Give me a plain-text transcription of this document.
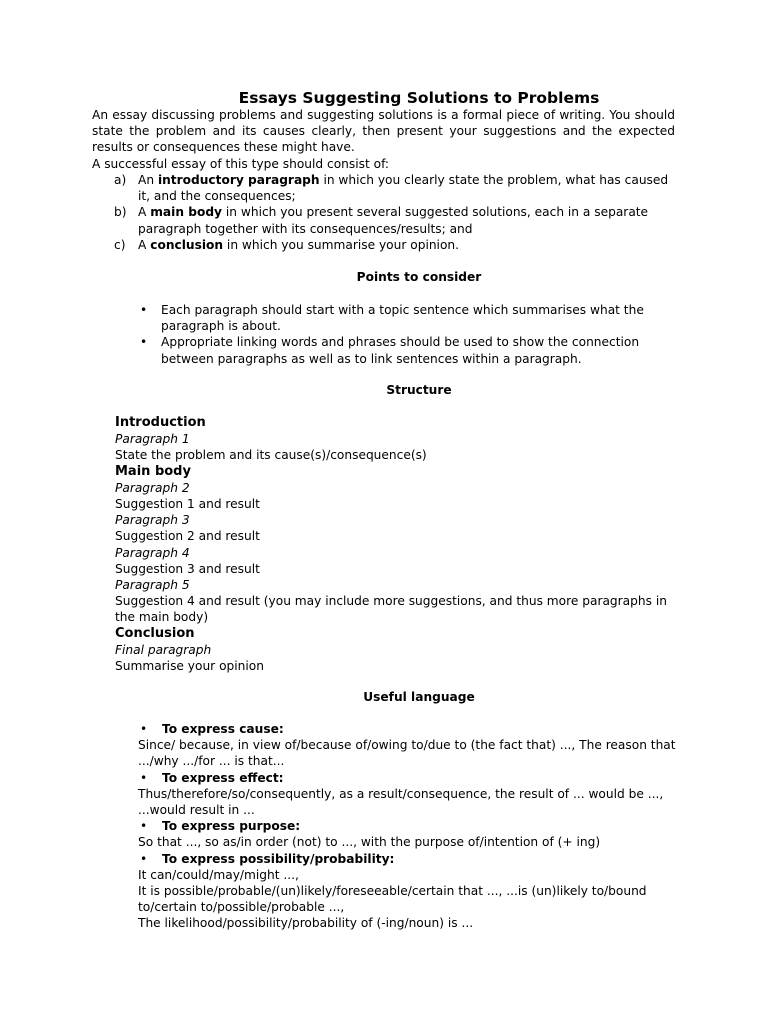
Essays Suggesting Solutions to Problems
An essay discussing problems and suggesting solutions is a formal piece of writing. You should state the problem and its causes clearly, then present your suggestions and the expected results or consequences these might have.
A successful essay of this type should consist of:
a) An introductory paragraph in which you clearly state the problem, what has caused it, and the consequences;
b) A main body in which you present several suggested solutions, each in a separate paragraph together with its consequences/results; and
c) A conclusion in which you summarise your opinion.
Points to consider
• Each paragraph should start with a topic sentence which summarises what the paragraph is about.
• Appropriate linking words and phrases should be used to show the connection between paragraphs as well as to link sentences within a paragraph.
Structure
Introduction
Paragraph 1
State the problem and its cause(s)/consequence(s)
Main body
Paragraph 2
Suggestion 1 and result
Paragraph 3
Suggestion 2 and result
Paragraph 4
Suggestion 3 and result
Paragraph 5
Suggestion 4 and result (you may include more suggestions, and thus more paragraphs in the main body)
Conclusion
Final paragraph
Summarise your opinion
Useful language
• To express cause:
Since/ because, in view of/because of/owing to/due to (the fact that) ..., The reason that .../why .../for ... is that...
• To express effect:
Thus/therefore/so/consequently, as a result/consequence, the result of ... would be ..., ...would result in ...
• To express purpose:
So that ..., so as/in order (not) to ..., with the purpose of/intention of (+ ing)
• To express possibility/probability:
It can/could/may/might ...,
It is possible/probable/(un)likely/foreseeable/certain that ..., ...is (un)likely to/bound to/certain to/possible/probable ...,
The likelihood/possibility/probability of (-ing/noun) is ...
